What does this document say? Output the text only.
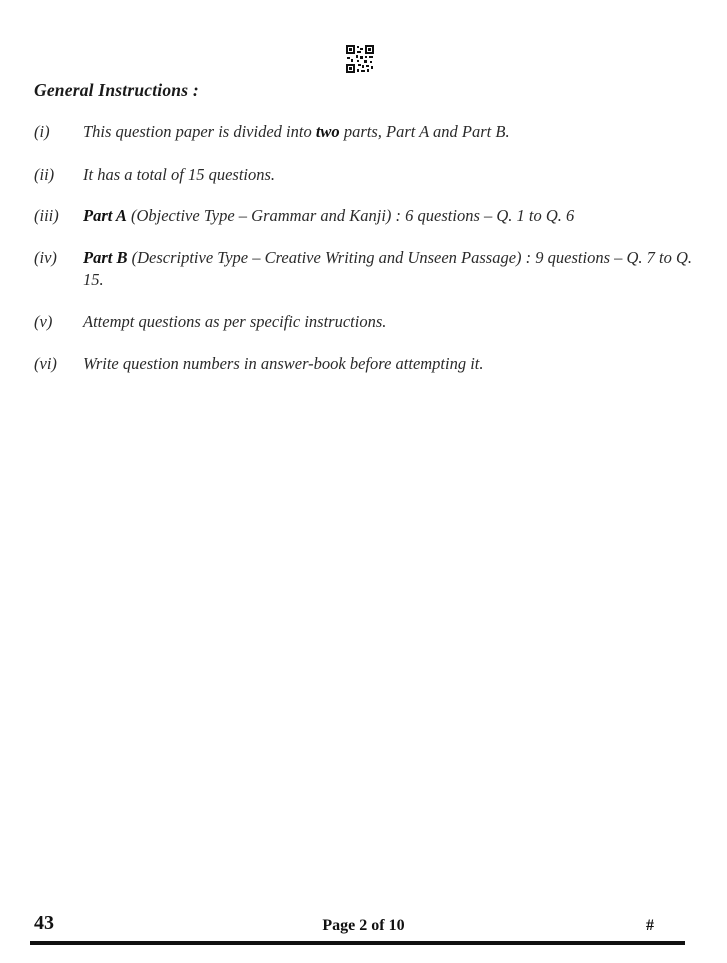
General Instructions :
(i)	This question paper is divided into two parts, Part A and Part B.
(ii)	It has a total of 15 questions.
(iii)	Part A (Objective Type – Grammar and Kanji) : 6 questions – Q. 1 to Q. 6
(iv)	Part B (Descriptive Type – Creative Writing and Unseen Passage) : 9 questions – Q. 7 to Q. 15.
(v)	Attempt questions as per specific instructions.
(vi)	Write question numbers in answer-book before attempting it.
43	Page 2 of 10	#
